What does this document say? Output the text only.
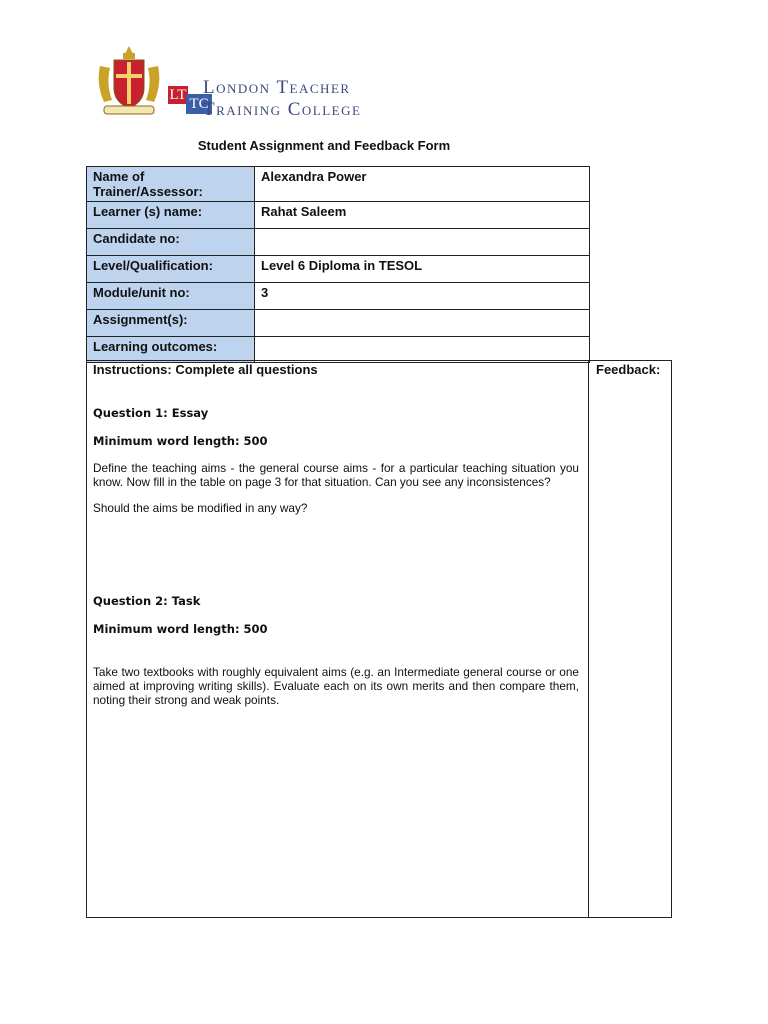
LT
TC
London Teacher
Training College
Student Assignment and Feedback Form
Name of Trainer/Assessor:	Alexandra Power
Learner (s) name:	Rahat Saleem
Candidate no:	
Level/Qualification:	Level 6 Diploma in TESOL
Module/unit no:	3
Assignment(s):	
Learning outcomes:	
Feedback:

Instructions: Complete all questions

Question 1: Essay

Minimum word length: 500

Define the teaching aims - the general course aims - for a particular teaching situation you know. Now fill in the table on page 3 for that situation. Can you see any inconsistences?

Should the aims be modified in any way?

Question 2: Task

Minimum word length: 500

Take two textbooks with roughly equivalent aims (e.g. an Intermediate general course or one aimed at improving writing skills). Evaluate each on its own merits and then compare them, noting their strong and weak points.
